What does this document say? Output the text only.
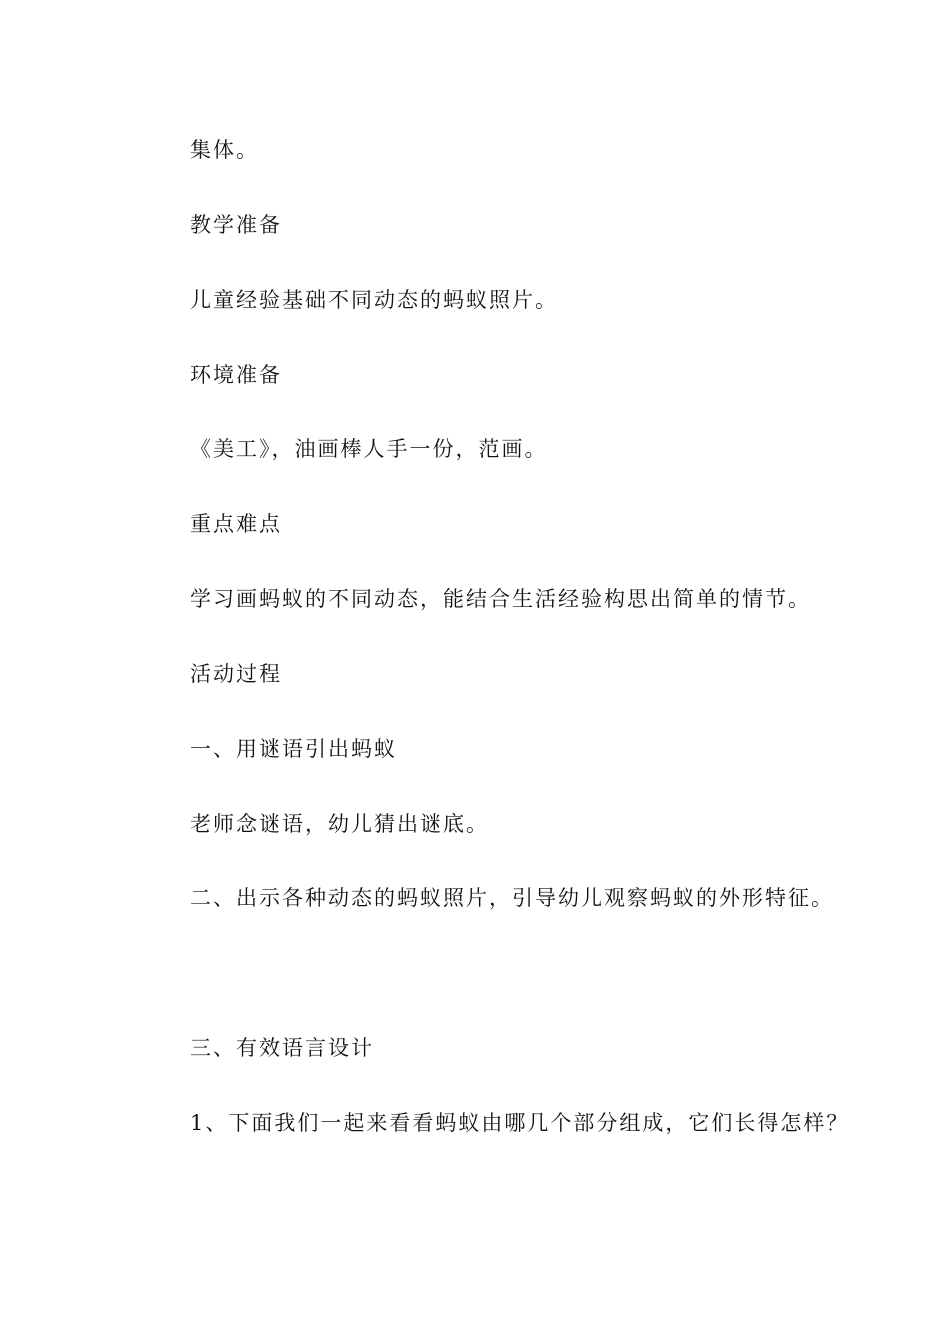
集体。

教学准备

儿童经验基础不同动态的蚂蚁照片。

环境准备

《美工》，油画棒人手一份，范画。

重点难点

学习画蚂蚁的不同动态，能结合生活经验构思出简单的情节。

活动过程

一、用谜语引出蚂蚁

老师念谜语，幼儿猜出谜底。

二、出示各种动态的蚂蚁照片，引导幼儿观察蚂蚁的外形特征。

三、有效语言设计

1、下面我们一起来看看蚂蚁由哪几个部分组成，它们长得怎样？
